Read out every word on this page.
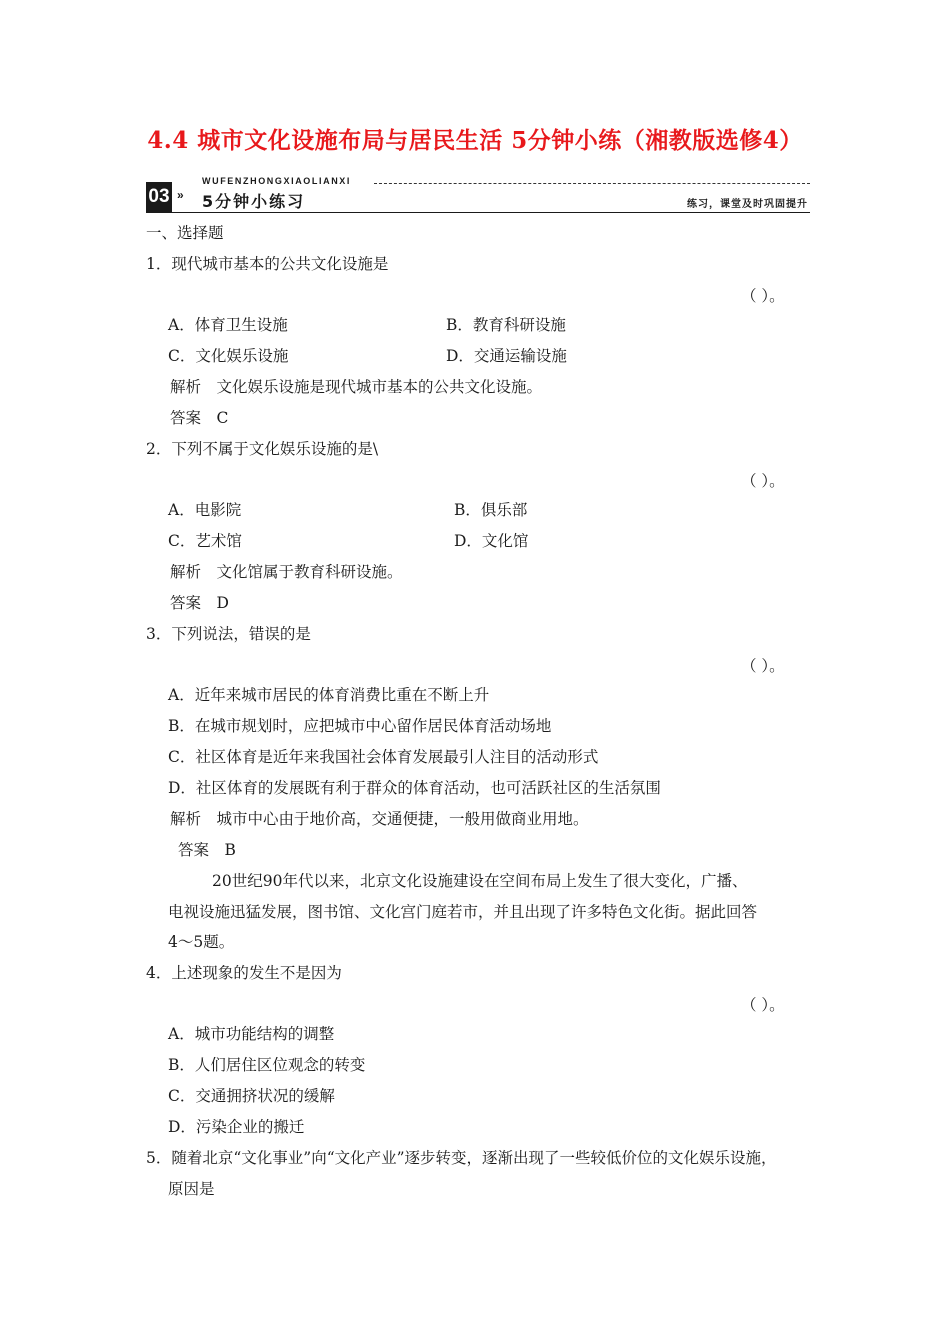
4.4 城市文化设施布局与居民生活 5分钟小练（湘教版选修4）
03 »
WUFENZHONGXIAOLIANXI
5分钟小练习	练习，课堂及时巩固提升
一、选择题
1．现代城市基本的公共文化设施是
（ ）。
A．体育卫生设施	B．教育科研设施
C．文化娱乐设施	D．交通运输设施
解析　文化娱乐设施是现代城市基本的公共文化设施。
答案　C
2．下列不属于文化娱乐设施的是\
（ ）。
A．电影院	B．俱乐部
C．艺术馆	D．文化馆
解析　文化馆属于教育科研设施。
答案　D
3．下列说法，错误的是
（ ）。
A．近年来城市居民的体育消费比重在不断上升
B．在城市规划时，应把城市中心留作居民体育活动场地
C．社区体育是近年来我国社会体育发展最引人注目的活动形式
D．社区体育的发展既有利于群众的体育活动，也可活跃社区的生活氛围
解析　城市中心由于地价高，交通便捷，一般用做商业用地。
答案　B
20世纪90年代以来，北京文化设施建设在空间布局上发生了很大变化，广播、
电视设施迅猛发展，图书馆、文化宫门庭若市，并且出现了许多特色文化街。据此回答
4～5题。
4．上述现象的发生不是因为
（ ）。
A．城市功能结构的调整
B．人们居住区位观念的转变
C．交通拥挤状况的缓解
D．污染企业的搬迁
5．随着北京“文化事业”向“文化产业”逐步转变，逐渐出现了一些较低价位的文化娱乐设施，
原因是
